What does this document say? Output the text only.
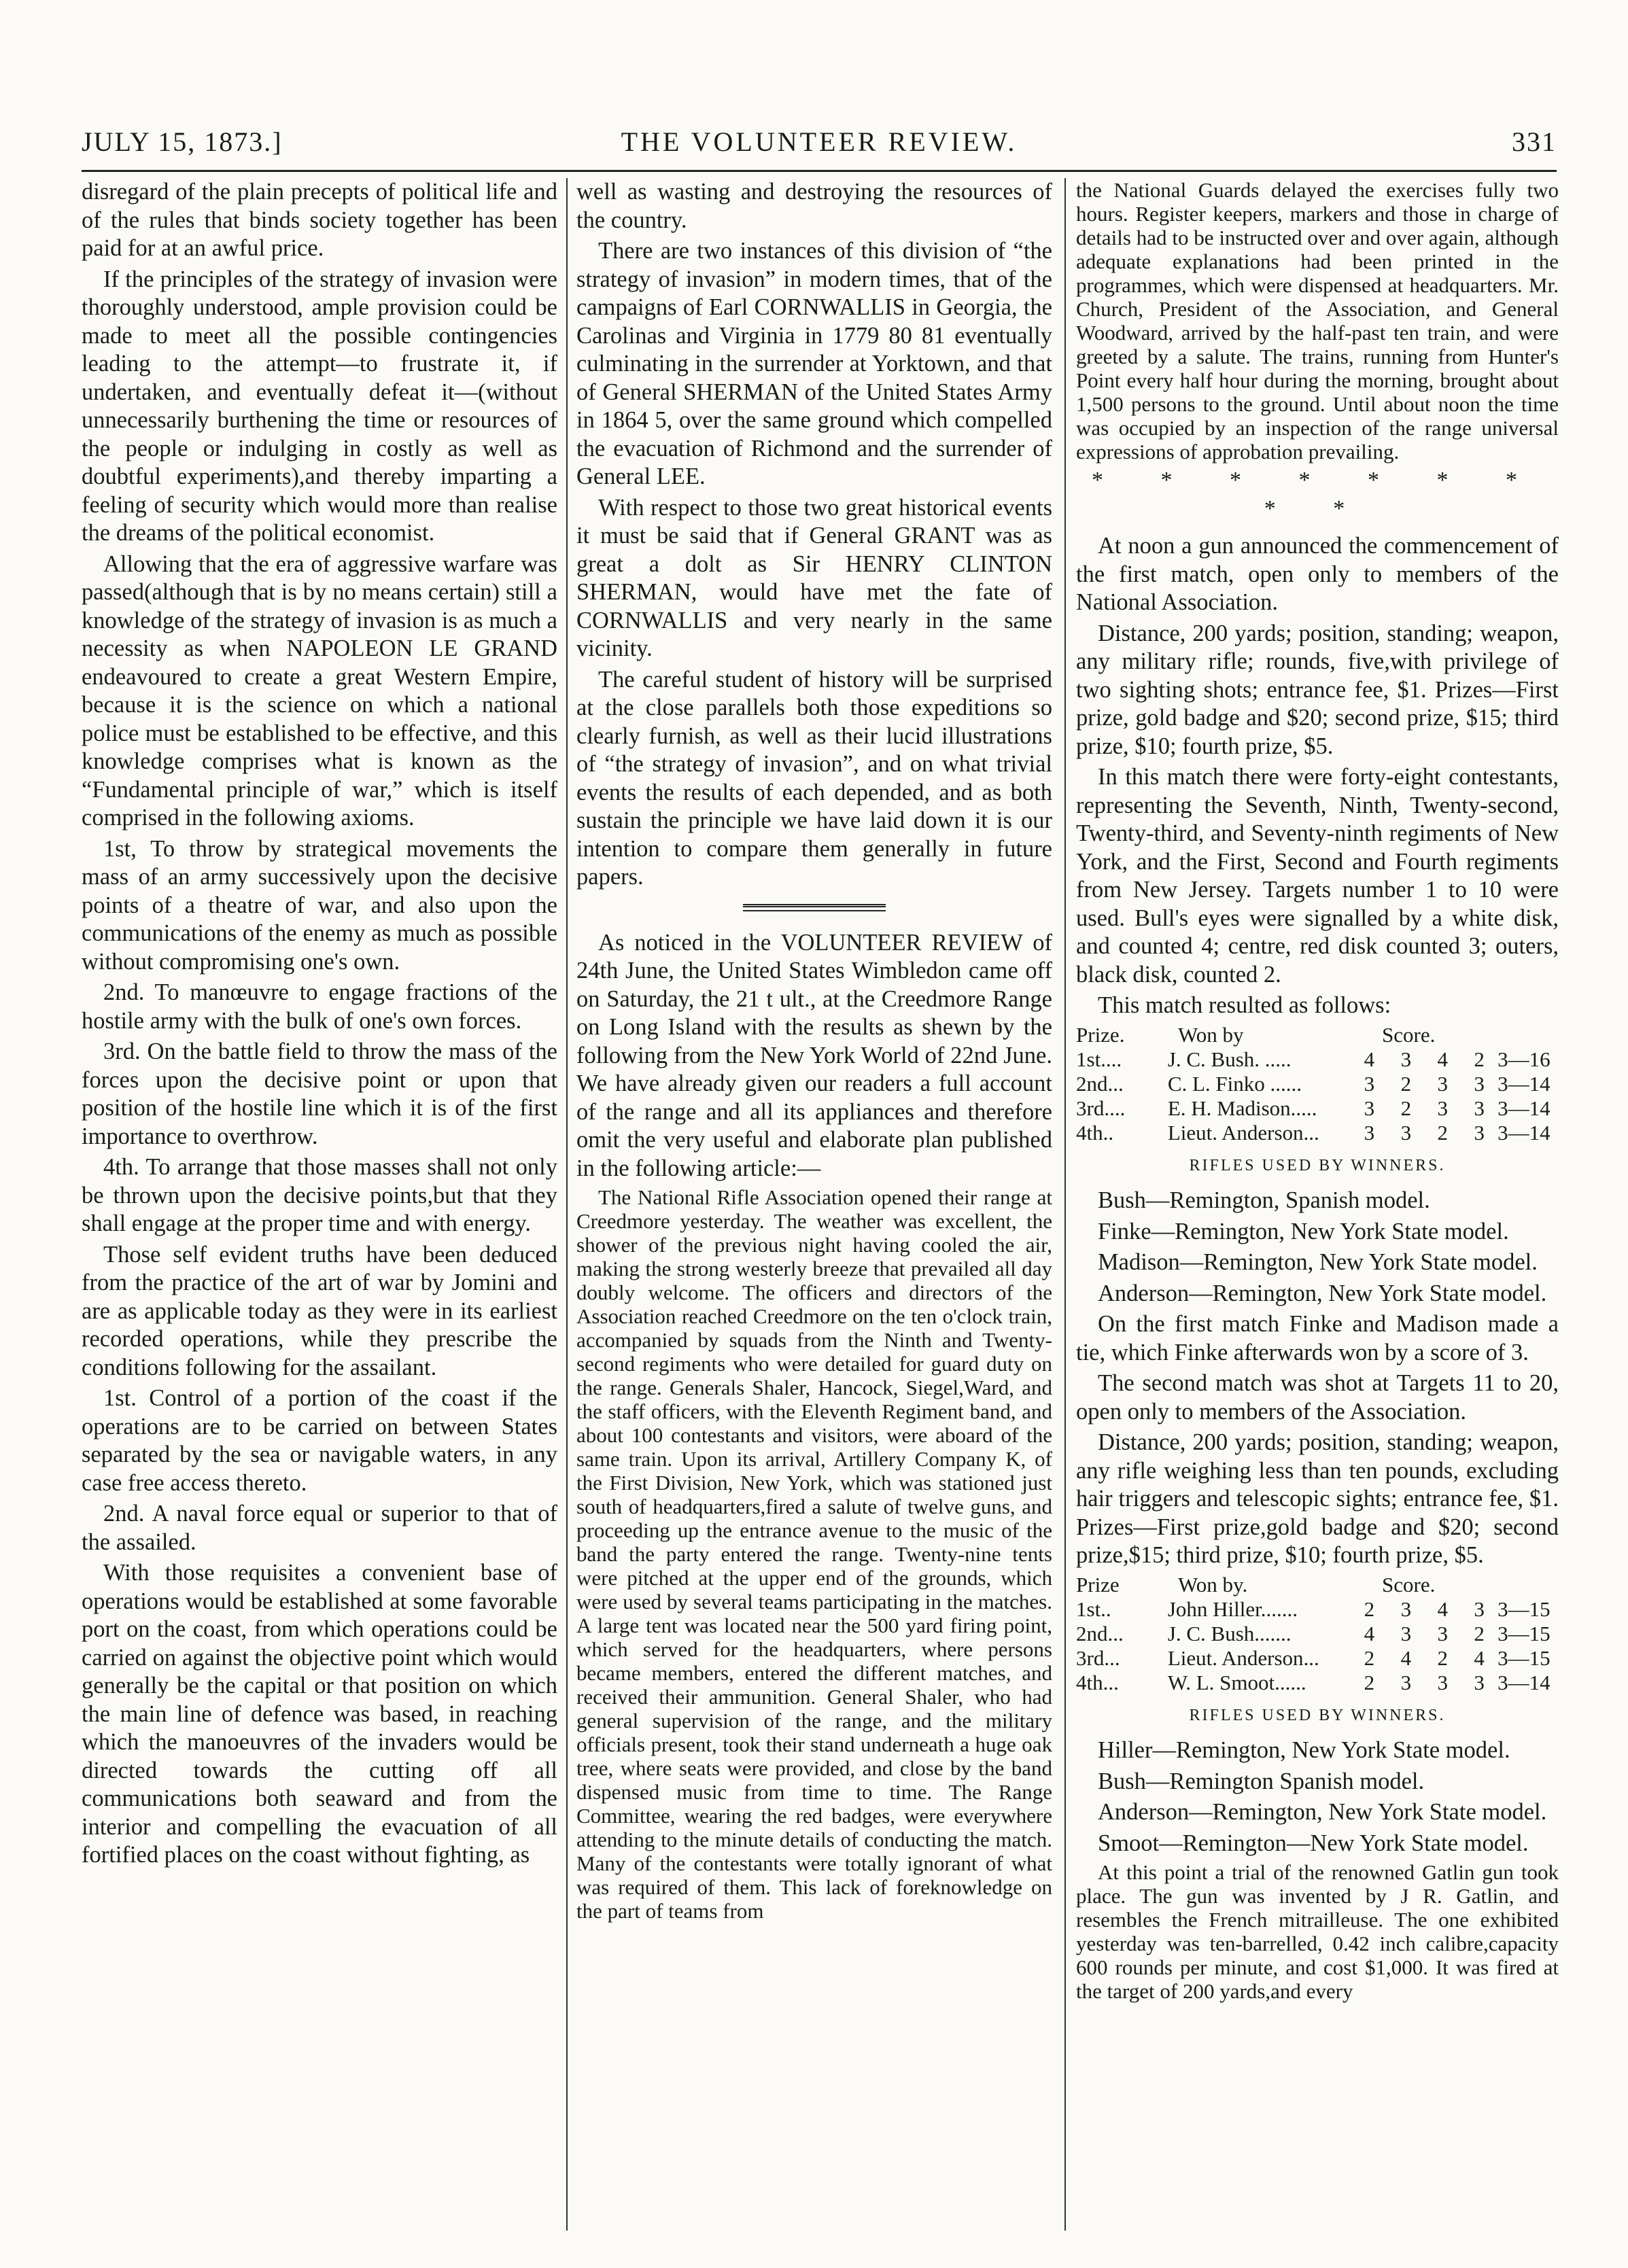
JULY 15, 1873.]	THE VOLUNTEER REVIEW.	331

disregard of the plain precepts of political life and of the rules that binds society together has been paid for at an awful price.

If the principles of the strategy of invasion were thoroughly understood, ample provision could be made to meet all the possible contingencies leading to the attempt—to frustrate it, if undertaken, and eventually defeat it—(without unnecessarily burthening the time or resources of the people or indulging in costly as well as doubtful experiments),and thereby imparting a feeling of security which would more than realise the dreams of the political economist.

Allowing that the era of aggressive warfare was passed(although that is by no means certain) still a knowledge of the strategy of invasion is as much a necessity as when NAPOLEON LE GRAND endeavoured to create a great Western Empire, because it is the science on which a national police must be established to be effective, and this knowledge comprises what is known as the “Fundamental principle of war,” which is itself comprised in the following axioms.

1st, To throw by strategical movements the mass of an army successively upon the decisive points of a theatre of war, and also upon the communications of the enemy as much as possible without compromising one's own.

2nd. To manœuvre to engage fractions of the hostile army with the bulk of one's own forces.

3rd. On the battle field to throw the mass of the forces upon the decisive point or upon that position of the hostile line which it is of the first importance to overthrow.

4th. To arrange that those masses shall not only be thrown upon the decisive points,but that they shall engage at the proper time and with energy.

Those self evident truths have been deduced from the practice of the art of war by Jomini and are as applicable today as they were in its earliest recorded operations, while they prescribe the conditions following for the assailant.

1st. Control of a portion of the coast if the operations are to be carried on between States separated by the sea or navigable waters, in any case free access thereto.

2nd. A naval force equal or superior to that of the assailed.

With those requisites a convenient base of operations would be established at some favorable port on the coast, from which operations could be carried on against the objective point which would generally be the capital or that position on which the main line of defence was based, in reaching which the manoeuvres of the invaders would be directed towards the cutting off all communications both seaward and from the interior and compelling the evacuation of all fortified places on the coast without fighting, as

well as wasting and destroying the resources of the country.

There are two instances of this division of “the strategy of invasion” in modern times, that of the campaigns of Earl CORNWALLIS in Georgia, the Carolinas and Virginia in 1779 80 81 eventually culminating in the surrender at Yorktown, and that of General SHERMAN of the United States Army in 1864 5, over the same ground which compelled the evacuation of Richmond and the surrender of General LEE.

With respect to those two great historical events it must be said that if General GRANT was as great a dolt as Sir HENRY CLINTON SHERMAN, would have met the fate of CORNWALLIS and very nearly in the same vicinity.

The careful student of history will be surprised at the close parallels both those expeditions so clearly furnish, as well as their lucid illustrations of “the strategy of invasion”, and on what trivial events the results of each depended, and as both sustain the principle we have laid down it is our intention to compare them generally in future papers.

As noticed in the VOLUNTEER REVIEW of 24th June, the United States Wimbledon came off on Saturday, the 21 t ult., at the Creedmore Range on Long Island with the results as shewn by the following from the New York World of 22nd June. We have already given our readers a full account of the range and all its appliances and therefore omit the very useful and elaborate plan published in the following article:—

The National Rifle Association opened their range at Creedmore yesterday. The weather was excellent, the shower of the previous night having cooled the air, making the strong westerly breeze that prevailed all day doubly welcome. The officers and directors of the Association reached Creedmore on the ten o'clock train, accompanied by squads from the Ninth and Twenty-second regiments who were detailed for guard duty on the range. Generals Shaler, Hancock, Siegel,Ward, and the staff officers, with the Eleventh Regiment band, and about 100 contestants and visitors, were aboard of the same train. Upon its arrival, Artillery Company K, of the First Division, New York, which was stationed just south of headquarters,fired a salute of twelve guns, and proceeding up the entrance avenue to the music of the band the party entered the range. Twenty-nine tents were pitched at the upper end of the grounds, which were used by several teams participating in the matches. A large tent was located near the 500 yard firing point, which served for the headquarters, where persons became members, entered the different matches, and received their ammunition. General Shaler, who had general supervision of the range, and the military officials present, took their stand underneath a huge oak tree, where seats were provided, and close by the band dispensed music from time to time. The Range Committee, wearing the red badges, were everywhere attending to the minute details of conducting the match. Many of the contestants were totally ignorant of what was required of them. This lack of foreknowledge on the part of teams from

the National Guards delayed the exercises fully two hours. Register keepers, markers and those in charge of details had to be instructed over and over again, although adequate explanations had been printed in the programmes, which were dispensed at headquarters. Mr. Church, President of the Association, and General Woodward, arrived by the half-past ten train, and were greeted by a salute. The trains, running from Hunter's Point every half hour during the morning, brought about 1,500 persons to the ground. Until about noon the time was occupied by an inspection of the range universal expressions of approbation prevailing.

* * * * * * * * *

At noon a gun announced the commencement of the first match, open only to members of the National Association.

Distance, 200 yards; position, standing; weapon, any military rifle; rounds, five,with privilege of two sighting shots; entrance fee, $1. Prizes—First prize, gold badge and $20; second prize, $15; third prize, $10; fourth prize, $5.

In this match there were forty-eight contestants, representing the Seventh, Ninth, Twenty-second, Twenty-third, and Seventy-ninth regiments of New York, and the First, Second and Fourth regiments from New Jersey. Targets number 1 to 10 were used. Bull's eyes were signalled by a white disk, and counted 4; centre, red disk counted 3; outers, black disk, counted 2.

This match resulted as follows:

Prize.	Won by	Score.
1st....	J. C. Bush. .....	4	3	4	2 3—16
2nd...	C. L. Finko ......	3	2	3	3 3—14
3rd....	E. H. Madison.....	3	2	3	3 3—14
4th..	Lieut. Anderson...	3	3	2	3 3—14
RIFLES USED BY WINNERS.

Bush—Remington, Spanish model.

Finke—Remington, New York State model.

Madison—Remington, New York State model.

Anderson—Remington, New York State model.

On the first match Finke and Madison made a tie, which Finke afterwards won by a score of 3.

The second match was shot at Targets 11 to 20, open only to members of the Association.

Distance, 200 yards; position, standing; weapon, any rifle weighing less than ten pounds, excluding hair triggers and telescopic sights; entrance fee, $1. Prizes—First prize,gold badge and $20; second prize,$15; third prize, $10; fourth prize, $5.

Prize	Won by.	Score.
1st..	John Hiller.......	2	3	4	3 3—15
2nd...	J. C. Bush.......	4	3	3	2 3—15
3rd...	Lieut. Anderson...	2	4	2	4 3—15
4th...	W. L. Smoot......	2	3	3	3 3—14
RIFLES USED BY WINNERS.

Hiller—Remington, New York State model.

Bush—Remington Spanish model.

Anderson—Remington, New York State model.

Smoot—Remington—New York State model.

At this point a trial of the renowned Gatlin gun took place. The gun was invented by J R. Gatlin, and resembles the French mitrailleuse. The one exhibited yesterday was ten-barrelled, 0.42 inch calibre,capacity 600 rounds per minute, and cost $1,000. It was fired at the target of 200 yards,and every
